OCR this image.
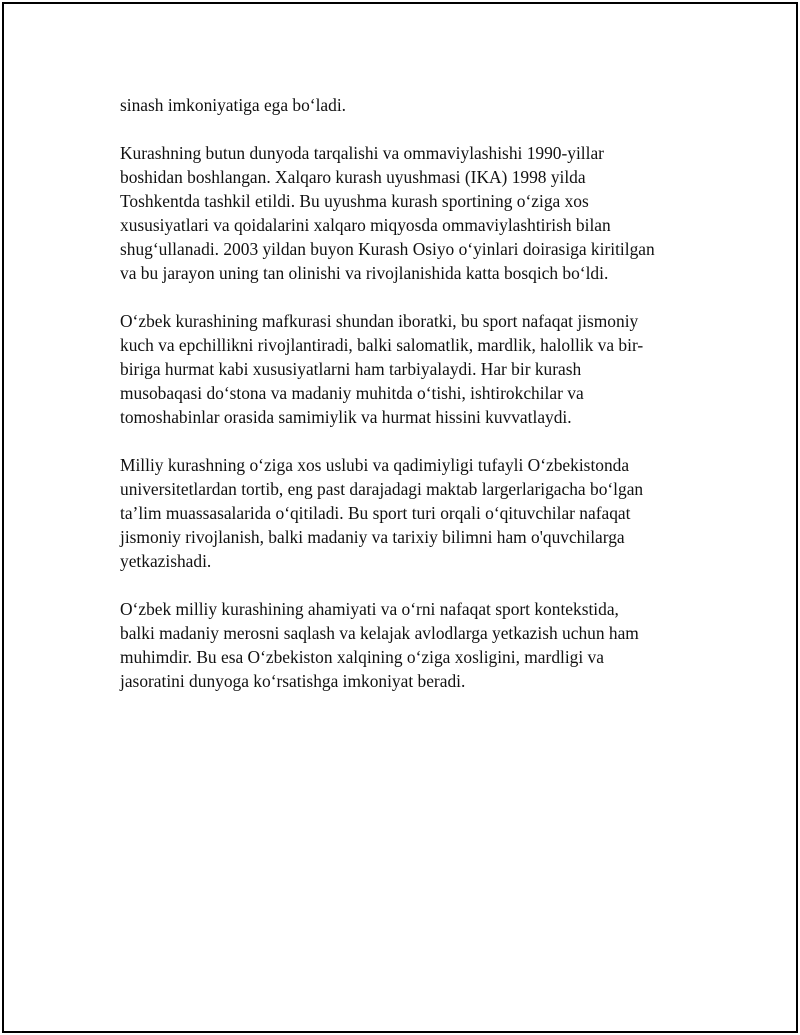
sinash imkoniyatiga ega bo‘ladi.

Kurashning butun dunyoda tarqalishi va ommaviylashishi 1990-yillar
boshidan boshlangan. Xalqaro kurash uyushmasi (IKA) 1998 yilda
Toshkentda tashkil etildi. Bu uyushma kurash sportining o‘ziga xos
xususiyatlari va qoidalarini xalqaro miqyosda ommaviylashtirish bilan
shug‘ullanadi. 2003 yildan buyon Kurash Osiyo o‘yinlari doirasiga kiritilgan
va bu jarayon uning tan olinishi va rivojlanishida katta bosqich bo‘ldi.

O‘zbek kurashining mafkurasi shundan iboratki, bu sport nafaqat jismoniy
kuch va epchillikni rivojlantiradi, balki salomatlik, mardlik, halollik va bir-
biriga hurmat kabi xususiyatlarni ham tarbiyalaydi. Har bir kurash
musobaqasi do‘stona va madaniy muhitda o‘tishi, ishtirokchilar va
tomoshabinlar orasida samimiylik va hurmat hissini kuvvatlaydi.

Milliy kurashning o‘ziga xos uslubi va qadimiyligi tufayli O‘zbekistonda
universitetlardan tortib, eng past darajadagi maktab largerlarigacha bo‘lgan
ta’lim muassasalarida o‘qitiladi. Bu sport turi orqali o‘qituvchilar nafaqat
jismoniy rivojlanish, balki madaniy va tarixiy bilimni ham o'quvchilarga
yetkazishadi.

O‘zbek milliy kurashining ahamiyati va o‘rni nafaqat sport kontekstida,
balki madaniy merosni saqlash va kelajak avlodlarga yetkazish uchun ham
muhimdir. Bu esa O‘zbekiston xalqining o‘ziga xosligini, mardligi va
jasoratini dunyoga ko‘rsatishga imkoniyat beradi.
